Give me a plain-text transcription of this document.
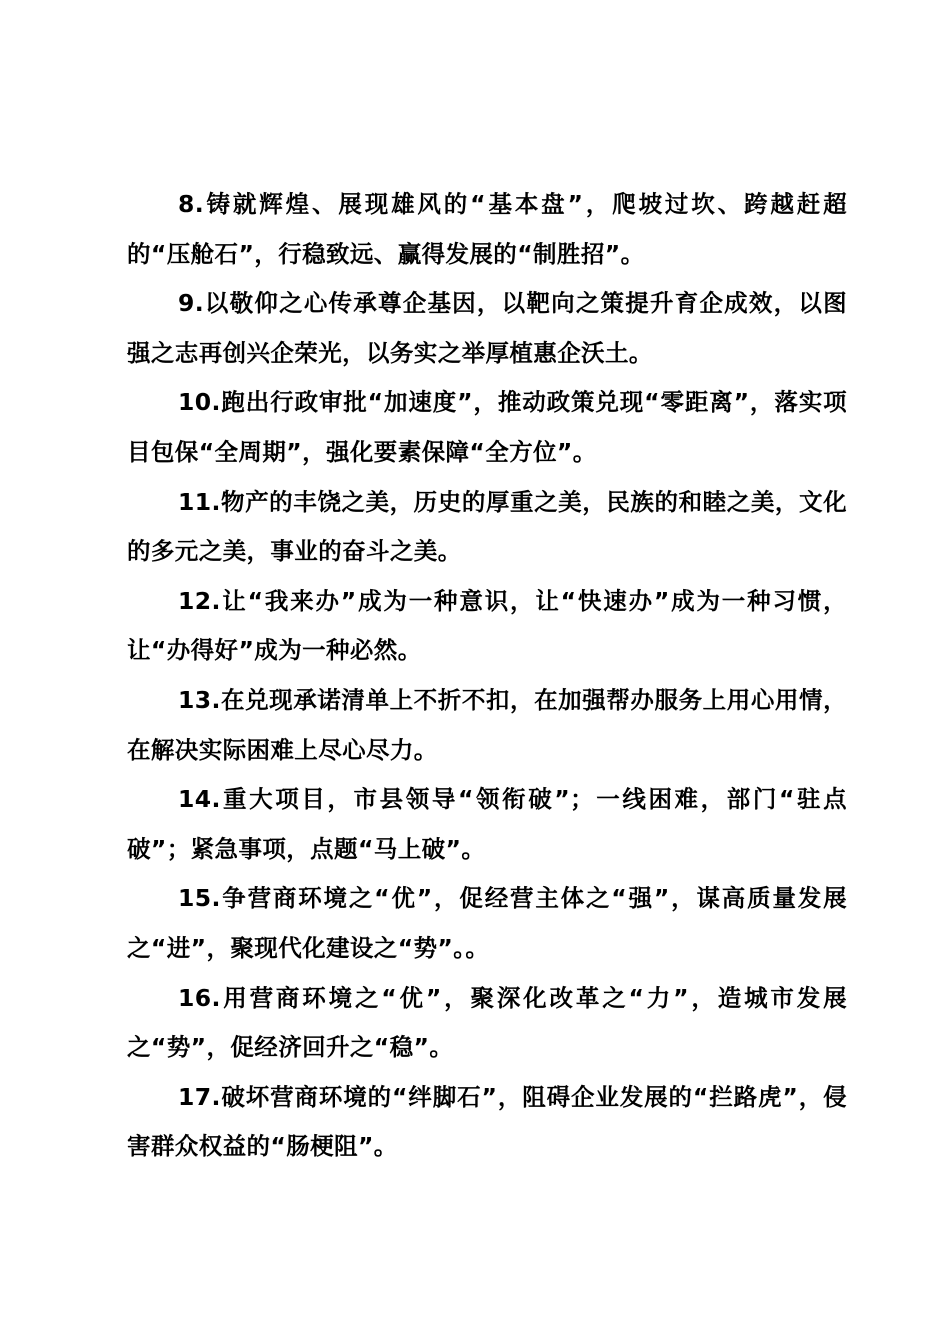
8.铸就辉煌、展现雄风的“基本盘”，爬坡过坎、跨越赶超的“压舱石”，行稳致远、赢得发展的“制胜招”。

9.以敬仰之心传承尊企基因，以靶向之策提升育企成效，以图强之志再创兴企荣光，以务实之举厚植惠企沃土。

10.跑出行政审批“加速度”，推动政策兑现“零距离”，落实项目包保“全周期”，强化要素保障“全方位”。

11.物产的丰饶之美，历史的厚重之美，民族的和睦之美，文化的多元之美，事业的奋斗之美。

12.让“我来办”成为一种意识，让“快速办”成为一种习惯，让“办得好”成为一种必然。

13.在兑现承诺清单上不折不扣，在加强帮办服务上用心用情，在解决实际困难上尽心尽力。

14.重大项目，市县领导“领衔破”；一线困难，部门“驻点破”；紧急事项，点题“马上破”。

15.争营商环境之“优”，促经营主体之“强”，谋高质量发展之“进”，聚现代化建设之“势”。。

16.用营商环境之“优”，聚深化改革之“力”，造城市发展之“势”，促经济回升之“稳”。

17.破坏营商环境的“绊脚石”，阻碍企业发展的“拦路虎”，侵害群众权益的“肠梗阻”。
